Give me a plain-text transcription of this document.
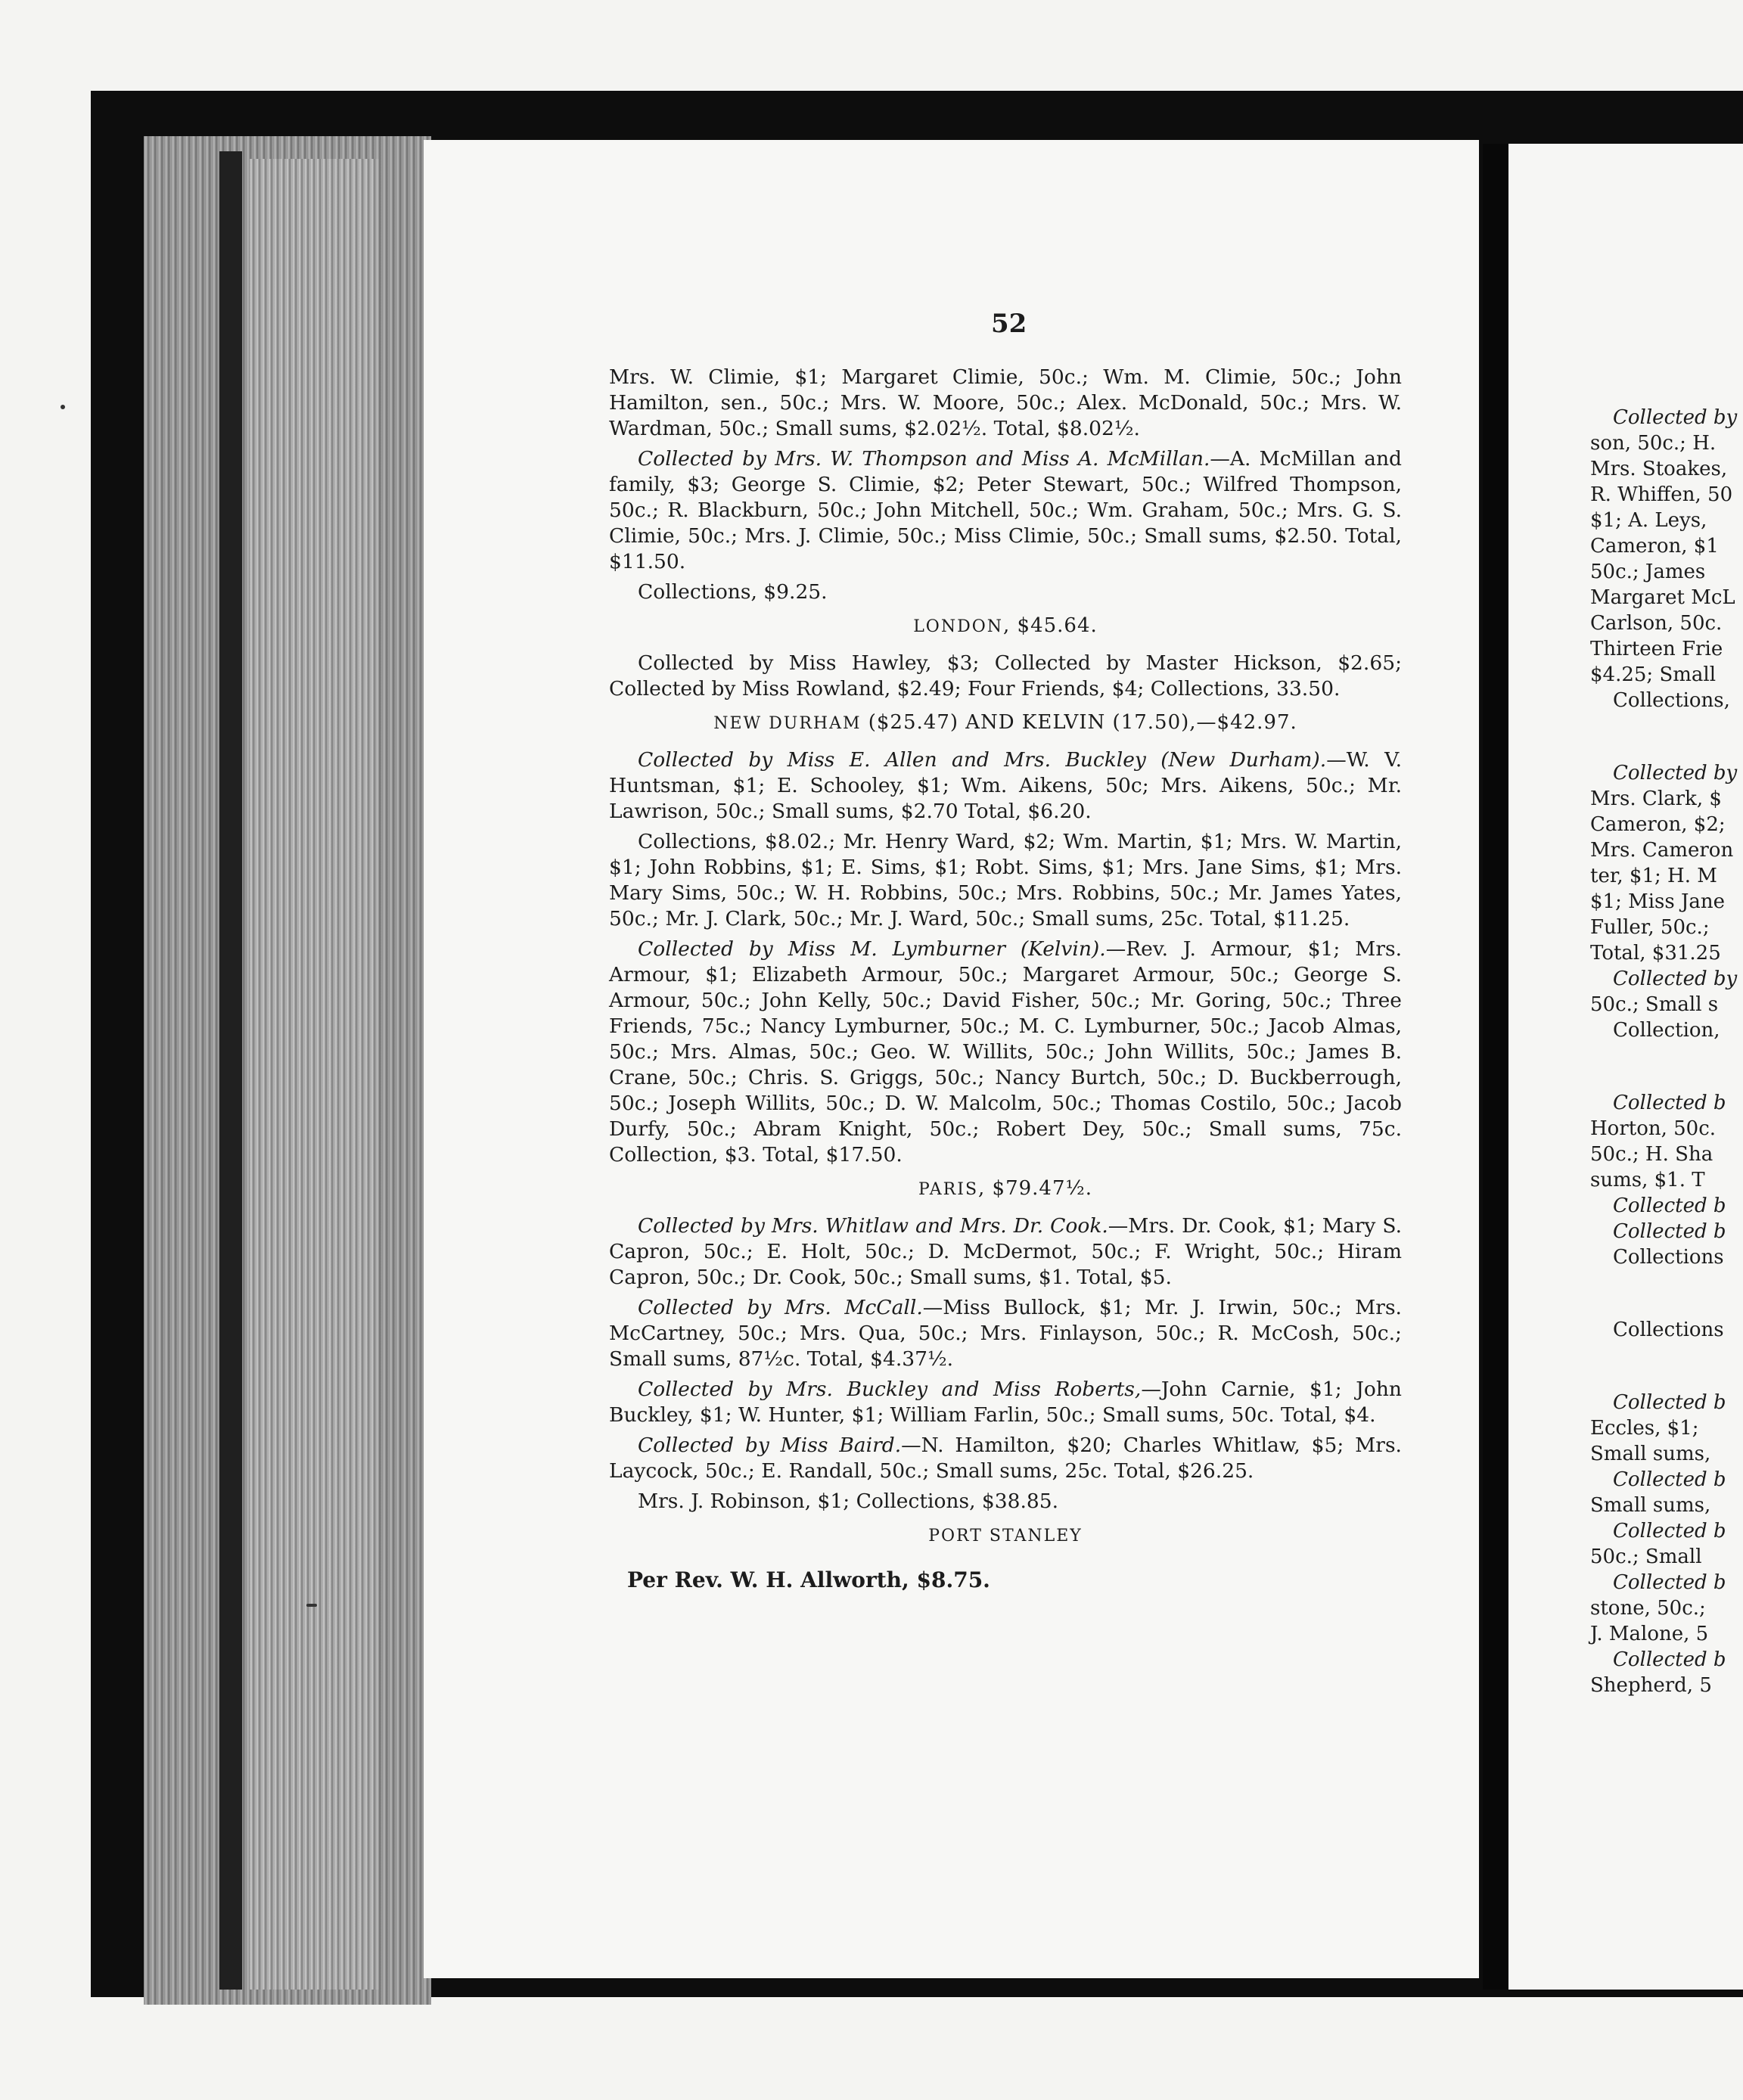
52

Mrs. W. Climie, $1; Margaret Climie, 50c.; Wm. M. Climie, 50c.; John Hamilton, sen., 50c.; Mrs. W. Moore, 50c.; Alex. McDonald, 50c.; Mrs. W. Wardman, 50c.; Small sums, $2.02½. Total, $8.02½.

Collected by Mrs. W. Thompson and Miss A. McMillan.—A. McMillan and family, $3; George S. Climie, $2; Peter Stewart, 50c.; Wilfred Thompson, 50c.; R. Blackburn, 50c.; John Mitchell, 50c.; Wm. Graham, 50c.; Mrs. G. S. Climie, 50c.; Mrs. J. Climie, 50c.; Miss Climie, 50c.; Small sums, $2.50. Total, $11.50.

Collections, $9.25.

LONDON, $45.64.

Collected by Miss Hawley, $3; Collected by Master Hickson, $2.65; Collected by Miss Rowland, $2.49; Four Friends, $4; Collections, 33.50.

NEW DURHAM ($25.47) AND KELVIN (17.50),—$42.97.

Collected by Miss E. Allen and Mrs. Buckley (New Durham).—W. V. Huntsman, $1; E. Schooley, $1; Wm. Aikens, 50c; Mrs. Aikens, 50c.; Mr. Lawrison, 50c.; Small sums, $2.70 Total, $6.20.

Collections, $8.02.; Mr. Henry Ward, $2; Wm. Martin, $1; Mrs. W. Martin, $1; John Robbins, $1; E. Sims, $1; Robt. Sims, $1; Mrs. Jane Sims, $1; Mrs. Mary Sims, 50c.; W. H. Robbins, 50c.; Mrs. Robbins, 50c.; Mr. James Yates, 50c.; Mr. J. Clark, 50c.; Mr. J. Ward, 50c.; Small sums, 25c. Total, $11.25.

Collected by Miss M. Lymburner (Kelvin).—Rev. J. Armour, $1; Mrs. Armour, $1; Elizabeth Armour, 50c.; Margaret Armour, 50c.; George S. Armour, 50c.; John Kelly, 50c.; David Fisher, 50c.; Mr. Goring, 50c.; Three Friends, 75c.; Nancy Lymburner, 50c.; M. C. Lymburner, 50c.; Jacob Almas, 50c.; Mrs. Almas, 50c.; Geo. W. Willits, 50c.; John Willits, 50c.; James B. Crane, 50c.; Chris. S. Griggs, 50c.; Nancy Burtch, 50c.; D. Buckberrough, 50c.; Joseph Willits, 50c.; D. W. Malcolm, 50c.; Thomas Costilo, 50c.; Jacob Durfy, 50c.; Abram Knight, 50c.; Robert Dey, 50c.; Small sums, 75c. Collection, $3. Total, $17.50.

PARIS, $79.47½.

Collected by Mrs. Whitlaw and Mrs. Dr. Cook.—Mrs. Dr. Cook, $1; Mary S. Capron, 50c.; E. Holt, 50c.; D. McDermot, 50c.; F. Wright, 50c.; Hiram Capron, 50c.; Dr. Cook, 50c.; Small sums, $1. Total, $5.

Collected by Mrs. McCall.—Miss Bullock, $1; Mr. J. Irwin, 50c.; Mrs. McCartney, 50c.; Mrs. Qua, 50c.; Mrs. Finlayson, 50c.; R. McCosh, 50c.; Small sums, 87½c. Total, $4.37½.

Collected by Mrs. Buckley and Miss Roberts,—John Carnie, $1; John Buckley, $1; W. Hunter, $1; William Farlin, 50c.; Small sums, 50c. Total, $4.

Collected by Miss Baird.—N. Hamilton, $20; Charles Whitlaw, $5; Mrs. Laycock, 50c.; E. Randall, 50c.; Small sums, 25c. Total, $26.25.

Mrs. J. Robinson, $1; Collections, $38.85.

PORT STANLEY

Per Rev. W. H. Allworth, $8.75.

Collected by
son, 50c.; H.
Mrs. Stoakes,
R. Whiffen, 50
$1; A. Leys,
Cameron, $1
50c.; James
Margaret McL
Carlson, 50c.
Thirteen Frie
$4.25; Small
Collections,
Collected by
Mrs. Clark, $
Cameron, $2;
Mrs. Cameron
ter, $1; H. M
$1; Miss Jane
Fuller, 50c.;
Total, $31.25
Collected by
50c.; Small s
Collection,
Collected b
Horton, 50c.
50c.; H. Sha
sums, $1. T
Collected b
Collected b
Collections
Collections
Collected b
Eccles, $1;
Small sums,
Collected b
Small sums,
Collected b
50c.; Small
Collected b
stone, 50c.;
J. Malone, 5
Collected b
Shepherd, 5
